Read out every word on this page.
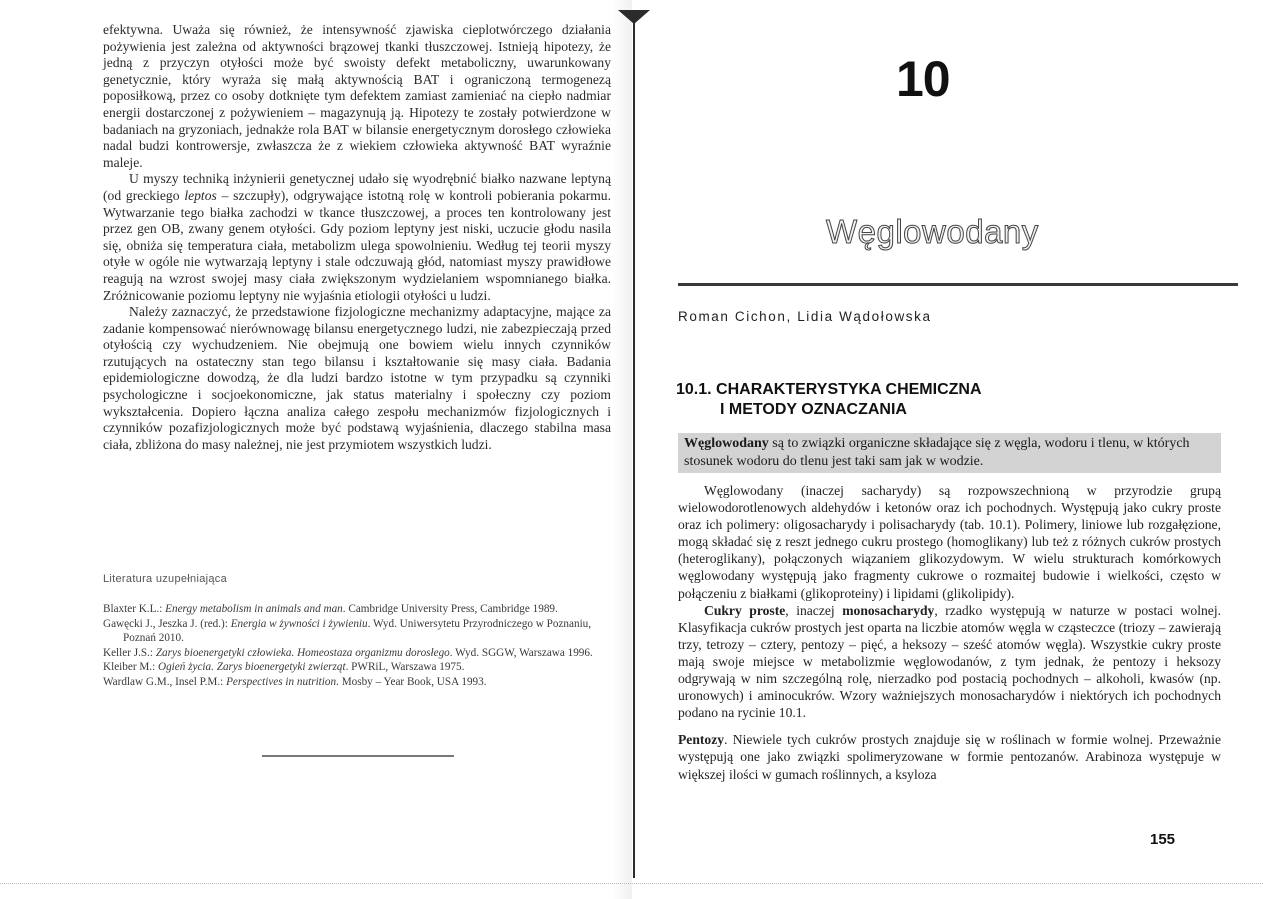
efektywna. Uważa się również, że intensywność zjawiska cieplotwórczego działania pożywienia jest zależna od aktywności brązowej tkanki tłuszczowej. Istnieją hipotezy, że jedną z przyczyn otyłości może być swoisty defekt metaboliczny, uwarunkowany genetycznie, który wyraża się małą aktywnością BAT i ograniczoną termogenezą poposiłkową, przez co osoby dotknięte tym defektem zamiast zamieniać na ciepło nadmiar energii dostarczonej z pożywieniem – magazynują ją. Hipotezy te zostały potwierdzone w badaniach na gryzoniach, jednakże rola BAT w bilansie energetycznym dorosłego człowieka nadal budzi kontrowersje, zwłaszcza że z wiekiem człowieka aktywność BAT wyraźnie maleje.

U myszy techniką inżynierii genetycznej udało się wyodrębnić białko nazwane leptyną (od greckiego leptos – szczupły), odgrywające istotną rolę w kontroli pobierania pokarmu. Wytwarzanie tego białka zachodzi w tkance tłuszczowej, a proces ten kontrolowany jest przez gen OB, zwany genem otyłości. Gdy poziom leptyny jest niski, uczucie głodu nasila się, obniża się temperatura ciała, metabolizm ulega spowolnieniu. Według tej teorii myszy otyłe w ogóle nie wytwarzają leptyny i stale odczuwają głód, natomiast myszy prawidłowe reagują na wzrost swojej masy ciała zwiększonym wydzielaniem wspomnianego białka. Zróżnicowanie poziomu leptyny nie wyjaśnia etiologii otyłości u ludzi.

Należy zaznaczyć, że przedstawione fizjologiczne mechanizmy adaptacyjne, mające za zadanie kompensować nierównowagę bilansu energetycznego ludzi, nie zabezpieczają przed otyłością czy wychudzeniem. Nie obejmują one bowiem wielu innych czynników rzutujących na ostateczny stan tego bilansu i kształtowanie się masy ciała. Badania epidemiologiczne dowodzą, że dla ludzi bardzo istotne w tym przypadku są czynniki psychologiczne i socjoekonomiczne, jak status materialny i społeczny czy poziom wykształcenia. Dopiero łączna analiza całego zespołu mechanizmów fizjologicznych i czynników pozafizjologicznych może być podstawą wyjaśnienia, dlaczego stabilna masa ciała, zbliżona do masy należnej, nie jest przymiotem wszystkich ludzi.

Literatura uzupełniająca

Blaxter K.L.: Energy metabolism in animals and man. Cambridge University Press, Cambridge 1989.

Gawęcki J., Jeszka J. (red.): Energia w żywności i żywieniu. Wyd. Uniwersytetu Przyrodniczego w Poznaniu, Poznań 2010.

Keller J.S.: Zarys bioenergetyki człowieka. Homeostaza organizmu dorosłego. Wyd. SGGW, Warszawa 1996.

Kleiber M.: Ogień życia. Zarys bioenergetyki zwierząt. PWRiL, Warszawa 1975.

Wardlaw G.M., Insel P.M.: Perspectives in nutrition. Mosby – Year Book, USA 1993.

10
Węglowodany
Roman Cichon, Lidia Wądołowska
10.1. CHARAKTERYSTYKA CHEMICZNA
I METODY OZNACZANIA

Węglowodany są to związki organiczne składające się z węgla, wodoru i tlenu, w których stosunek wodoru do tlenu jest taki sam jak w wodzie.

Węglowodany (inaczej sacharydy) są rozpowszechnioną w przyrodzie grupą wielowodorotlenowych aldehydów i ketonów oraz ich pochodnych. Występują jako cukry proste oraz ich polimery: oligosacharydy i polisacharydy (tab. 10.1). Polimery, liniowe lub rozgałęzione, mogą składać się z reszt jednego cukru prostego (homoglikany) lub też z różnych cukrów prostych (heteroglikany), połączonych wiązaniem glikozydowym. W wielu strukturach komórkowych węglowodany występują jako fragmenty cukrowe o rozmaitej budowie i wielkości, często w połączeniu z białkami (glikoproteiny) i lipidami (glikolipidy).

Cukry proste, inaczej monosacharydy, rzadko występują w naturze w postaci wolnej. Klasyfikacja cukrów prostych jest oparta na liczbie atomów węgla w cząsteczce (triozy – zawierają trzy, tetrozy – cztery, pentozy – pięć, a heksozy – sześć atomów węgla). Wszystkie cukry proste mają swoje miejsce w metabolizmie węglowodanów, z tym jednak, że pentozy i heksozy odgrywają w nim szczególną rolę, nierzadko pod postacią pochodnych – alkoholi, kwasów (np. uronowych) i aminocukrów. Wzory ważniejszych monosacharydów i niektórych ich pochodnych podano na rycinie 10.1.

Pentozy. Niewiele tych cukrów prostych znajduje się w roślinach w formie wolnej. Przeważnie występują one jako związki spolimeryzowane w formie pentozanów. Arabinoza występuje w większej ilości w gumach roślinnych, a ksyloza

155
